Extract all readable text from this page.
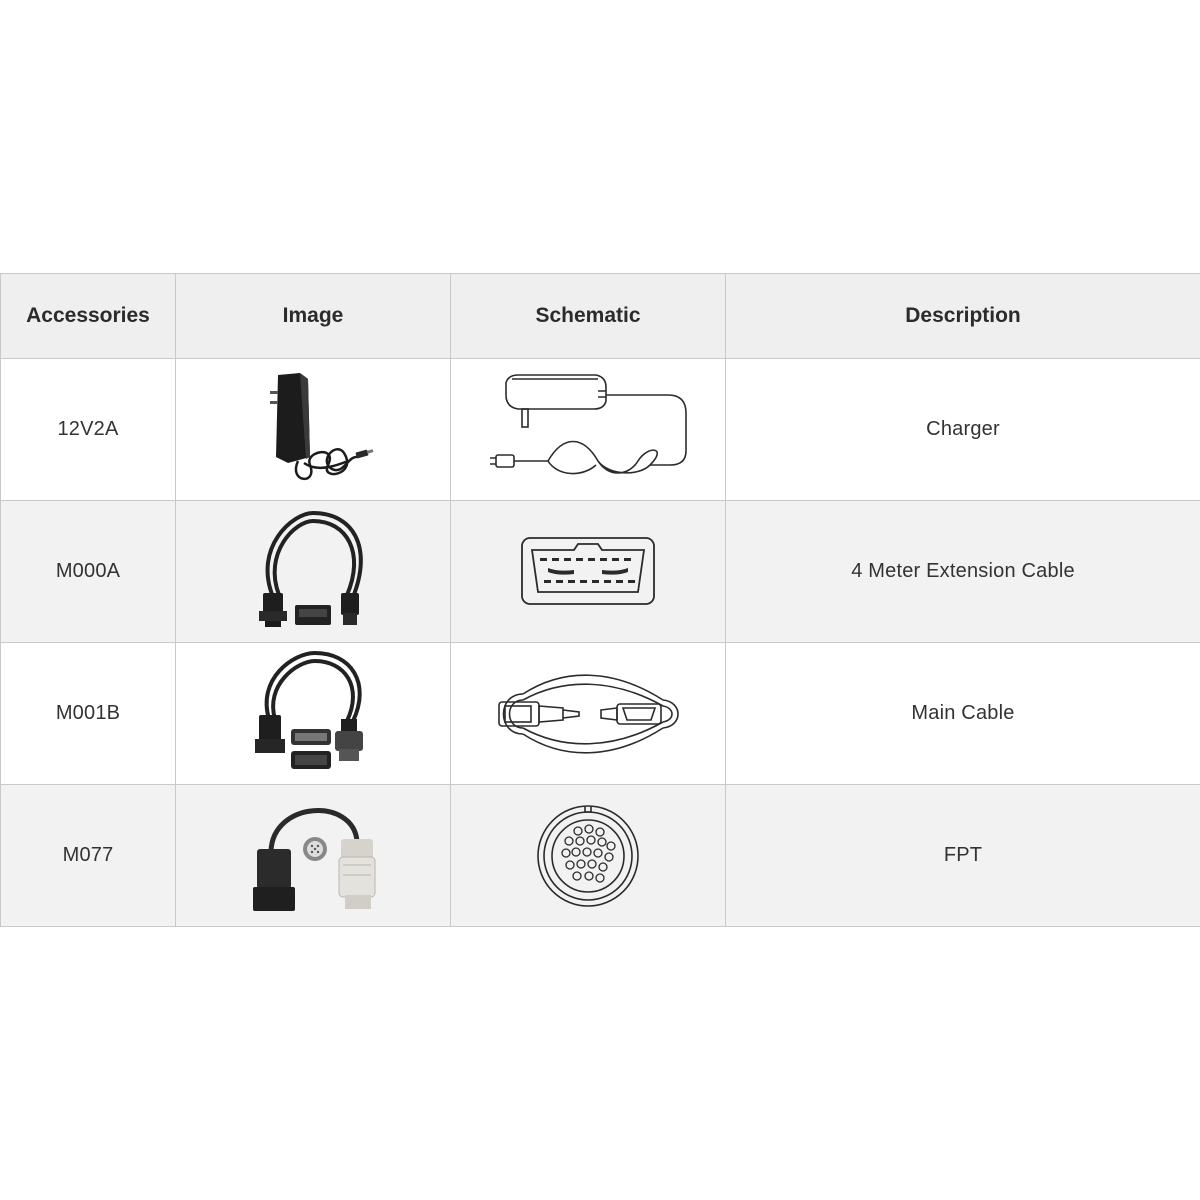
Accessories	Image	Schematic	Description
12V2A			Charger
M000A			4 Meter Extension Cable
M001B			Main Cable
M077			FPT
